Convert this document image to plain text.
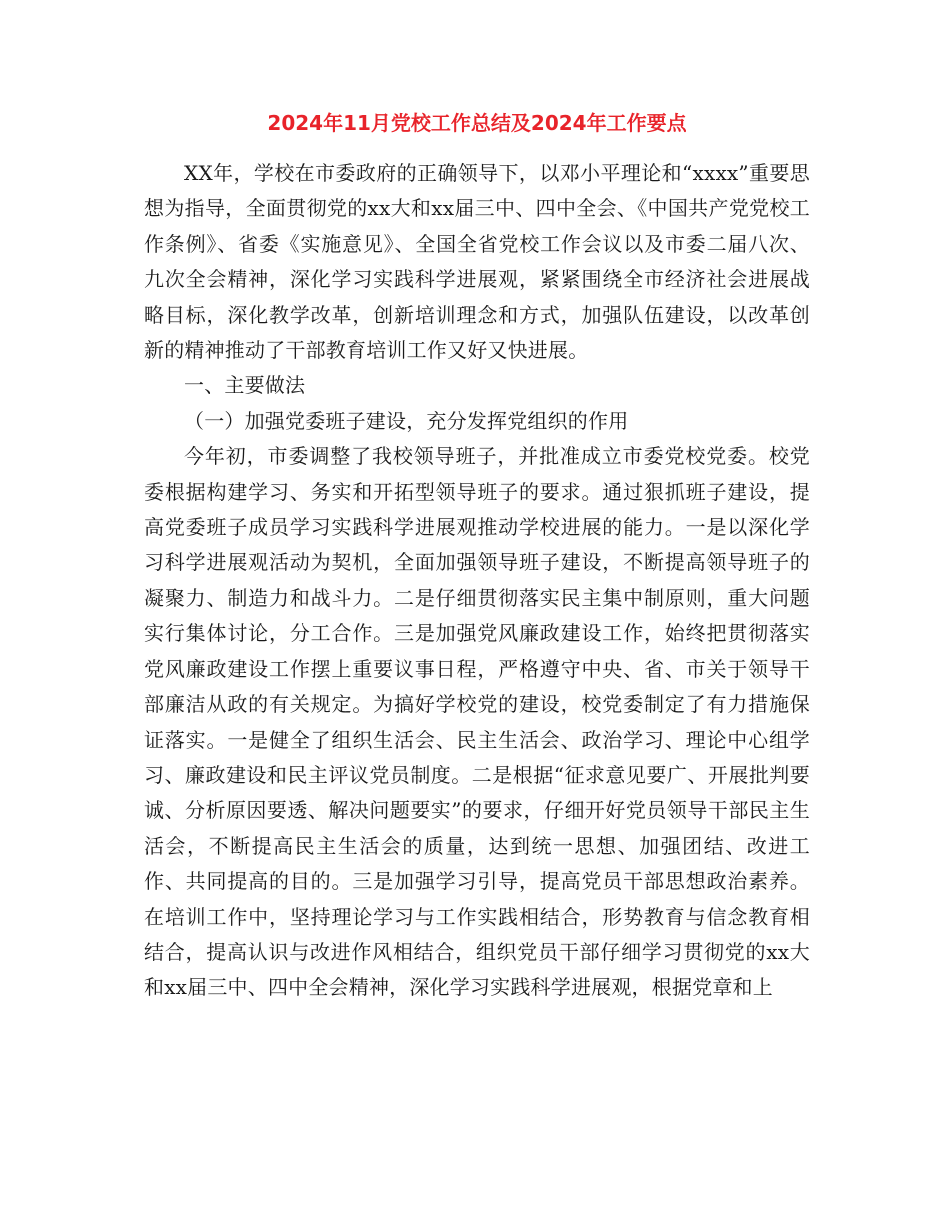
2024年11月党校工作总结及2024年工作要点

XX年，学校在市委政府的正确领导下，以邓小平理论和“xxxx”重要思想为指导，全面贯彻党的xx大和xx届三中、四中全会、《中国共产党党校工作条例》、省委《实施意见》、全国全省党校工作会议以及市委二届八次、九次全会精神，深化学习实践科学进展观，紧紧围绕全市经济社会进展战略目标，深化教学改革，创新培训理念和方式，加强队伍建设，以改革创新的精神推动了干部教育培训工作又好又快进展。

一、主要做法

（一）加强党委班子建设，充分发挥党组织的作用

今年初，市委调整了我校领导班子，并批准成立市委党校党委。校党委根据构建学习、务实和开拓型领导班子的要求。通过狠抓班子建设，提高党委班子成员学习实践科学进展观推动学校进展的能力。一是以深化学习科学进展观活动为契机，全面加强领导班子建设，不断提高领导班子的凝聚力、制造力和战斗力。二是仔细贯彻落实民主集中制原则，重大问题实行集体讨论，分工合作。三是加强党风廉政建设工作，始终把贯彻落实党风廉政建设工作摆上重要议事日程，严格遵守中央、省、市关于领导干部廉洁从政的有关规定。为搞好学校党的建设，校党委制定了有力措施保证落实。一是健全了组织生活会、民主生活会、政治学习、理论中心组学习、廉政建设和民主评议党员制度。二是根据“征求意见要广、开展批判要诚、分析原因要透、解决问题要实”的要求，仔细开好党员领导干部民主生活会，不断提高民主生活会的质量，达到统一思想、加强团结、改进工作、共同提高的目的。三是加强学习引导，提高党员干部思想政治素养。在培训工作中，坚持理论学习与工作实践相结合，形势教育与信念教育相结合，提高认识与改进作风相结合，组织党员干部仔细学习贯彻党的xx大和xx届三中、四中全会精神，深化学习实践科学进展观，根据党章和上
